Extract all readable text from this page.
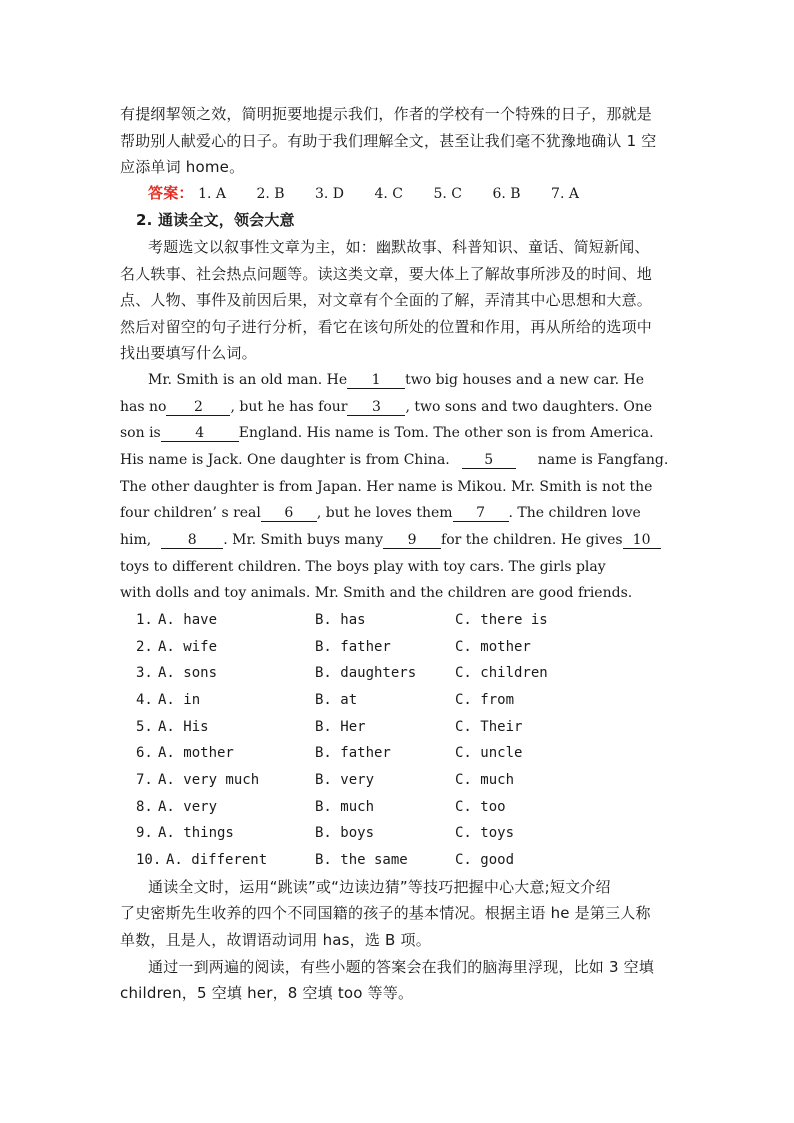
有提纲挈领之效，简明扼要地提示我们，作者的学校有一个特殊的日子，那就是
帮助别人献爱心的日子。有助于我们理解全文，甚至让我们毫不犹豫地确认 1 空
应添单词 home。
答案： 1. A 2. B 3. D 4. C 5. C 6. B 7. A
2. 通读全文，领会大意
考题选文以叙事性文章为主，如：幽默故事、科普知识、童话、简短新闻、
名人轶事、社会热点问题等。读这类文章，要大体上了解故事所涉及的时间、地
点、人物、事件及前因后果，对文章有个全面的了解，弄清其中心思想和大意。
然后对留空的句子进行分析，看它在该句所处的位置和作用，再从所给的选项中
找出要填写什么词。
Mr. Smith is an old man. He 1 two big houses and a new car. He
has no 2 , but he has four 3 , two sons and two daughters. One
son is 4 England. His name is Tom. The other son is from America.
His name is Jack. One daughter is from China. 5	name is Fangfang.
The other daughter is from Japan. Her name is Mikou. Mr. Smith is not the
four children’ s real 6 , but he loves them 7 . The children love
him,	8 . Mr. Smith buys many 9 for the children. He gives 10
toys to different children. The boys play with toy cars. The girls play
with dolls and toy animals. Mr. Smith and the children are good friends.
1. A. have	B. has	C. there is
2. A. wife	B. father	C. mother
3. A. sons	B. daughters	C. children
4. A. in	B. at	C. from
5. A. His	B. Her	C. Their
6. A. mother	B. father	C. uncle
7. A. very much	B. very	C. much
8. A. very	B. much	C. too
9. A. things	B. boys	C. toys
10. A. different	B. the same	C. good
通读全文时，运用“跳读”或“边读边猜”等技巧把握中心大意;短文介绍
了史密斯先生收养的四个不同国籍的孩子的基本情况。根据主语 he 是第三人称
单数，且是人，故谓语动词用 has，选 B 项。
通过一到两遍的阅读，有些小题的答案会在我们的脑海里浮现，比如 3 空填
children，5 空填 her，8 空填 too 等等。
